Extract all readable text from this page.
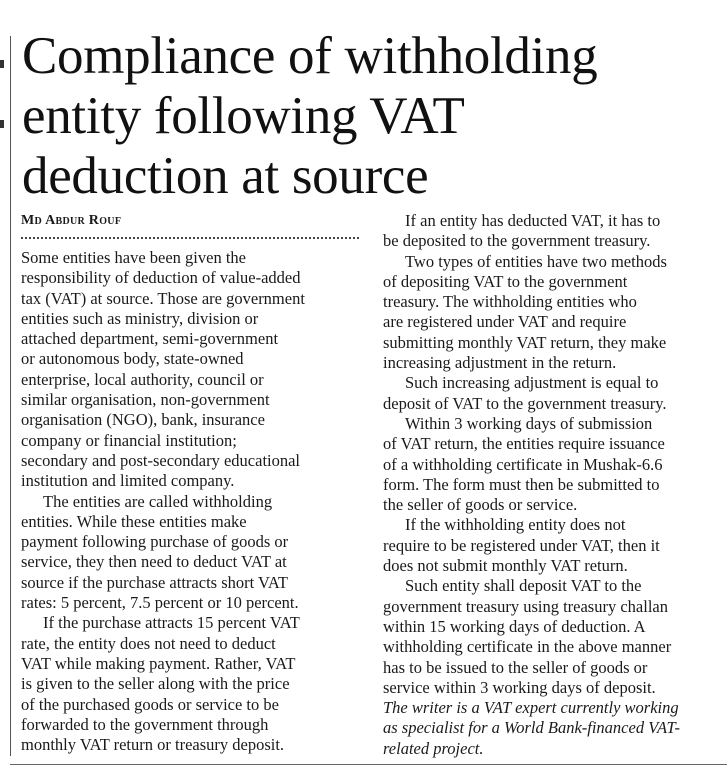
Compliance of withholding
entity following VAT
deduction at source
Md Abdur Rouf
Some entities have been given the
responsibility of deduction of value-added
tax (VAT) at source. Those are government
entities such as ministry, division or
attached department, semi-government
or autonomous body, state-owned
enterprise, local authority, council or
similar organisation, non-government
organisation (NGO), bank, insurance
company or financial institution;
secondary and post-secondary educational
institution and limited company.
The entities are called withholding
entities. While these entities make
payment following purchase of goods or
service, they then need to deduct VAT at
source if the purchase attracts short VAT
rates: 5 percent, 7.5 percent or 10 percent.
If the purchase attracts 15 percent VAT
rate, the entity does not need to deduct
VAT while making payment. Rather, VAT
is given to the seller along with the price
of the purchased goods or service to be
forwarded to the government through
monthly VAT return or treasury deposit.
If an entity has deducted VAT, it has to
be deposited to the government treasury.
Two types of entities have two methods
of depositing VAT to the government
treasury. The withholding entities who
are registered under VAT and require
submitting monthly VAT return, they make
increasing adjustment in the return.
Such increasing adjustment is equal to
deposit of VAT to the government treasury.
Within 3 working days of submission
of VAT return, the entities require issuance
of a withholding certificate in Mushak-6.6
form. The form must then be submitted to
the seller of goods or service.
If the withholding entity does not
require to be registered under VAT, then it
does not submit monthly VAT return.
Such entity shall deposit VAT to the
government treasury using treasury challan
within 15 working days of deduction. A
withholding certificate in the above manner
has to be issued to the seller of goods or
service within 3 working days of deposit.
The writer is a VAT expert currently working
as specialist for a World Bank-financed VAT-
related project.
